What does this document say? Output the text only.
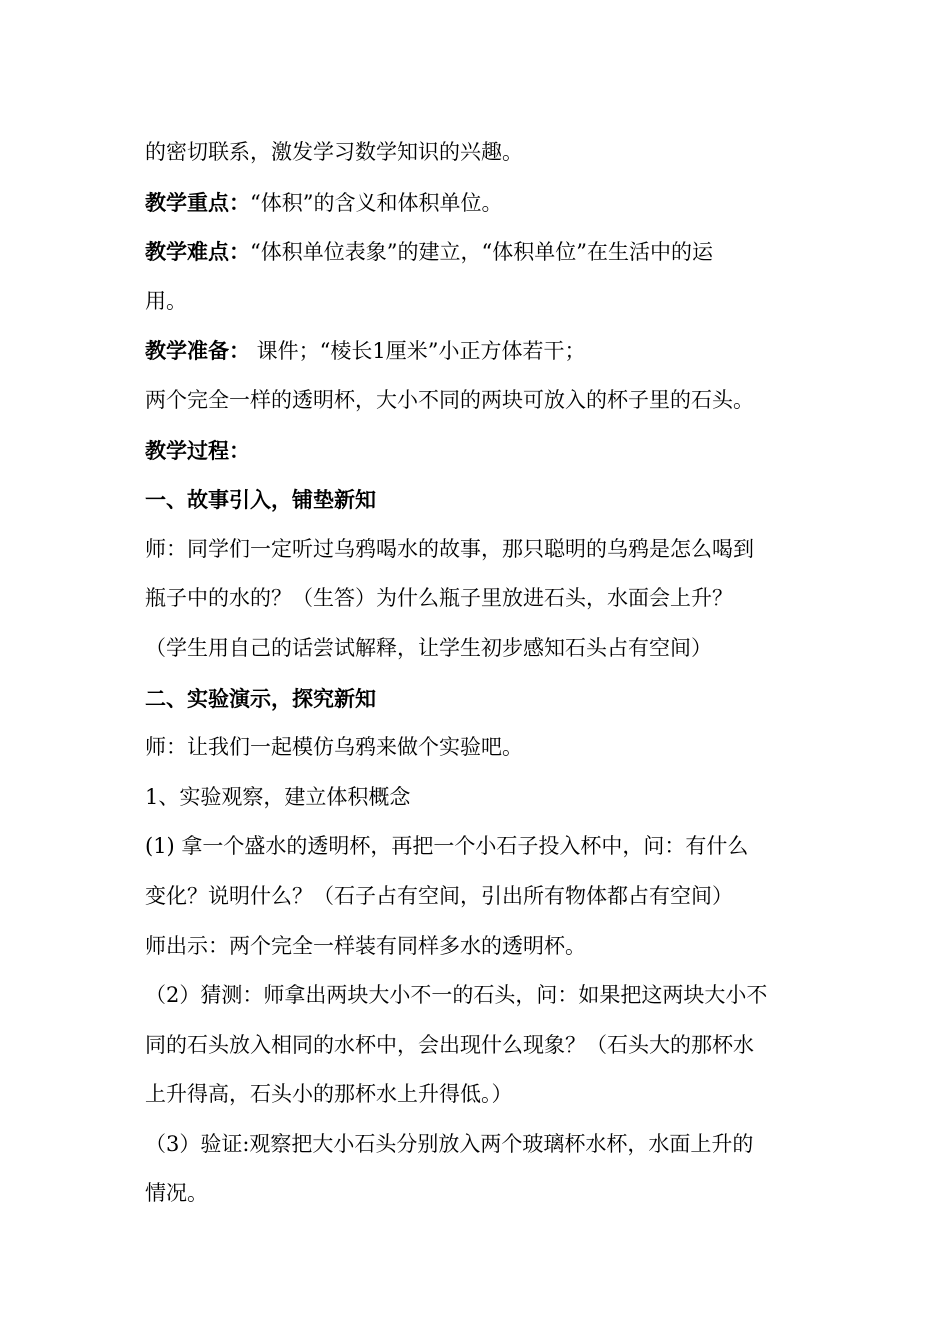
的密切联系，激发学习数学知识的兴趣。
教学重点：“体积”的含义和体积单位。
教学难点：“体积单位表象”的建立，“体积单位”在生活中的运
用。
教学准备： 课件；“棱长1厘米”小正方体若干；
两个完全一样的透明杯，大小不同的两块可放入的杯子里的石头。
教学过程：
一、故事引入，铺垫新知
师：同学们一定听过乌鸦喝水的故事，那只聪明的乌鸦是怎么喝到
瓶子中的水的？（生答）为什么瓶子里放进石头，水面会上升？
（学生用自己的话尝试解释，让学生初步感知石头占有空间）
二、实验演示，探究新知
师：让我们一起模仿乌鸦来做个实验吧。
1、实验观察，建立体积概念
(1) 拿一个盛水的透明杯，再把一个小石子投入杯中，问：有什么
变化？说明什么？（石子占有空间，引出所有物体都占有空间）
师出示：两个完全一样装有同样多水的透明杯。
（2）猜测：师拿出两块大小不一的石头，问：如果把这两块大小不
同的石头放入相同的水杯中，会出现什么现象？（石头大的那杯水
上升得高，石头小的那杯水上升得低。）
（3）验证:观察把大小石头分别放入两个玻璃杯水杯，水面上升的
情况。
